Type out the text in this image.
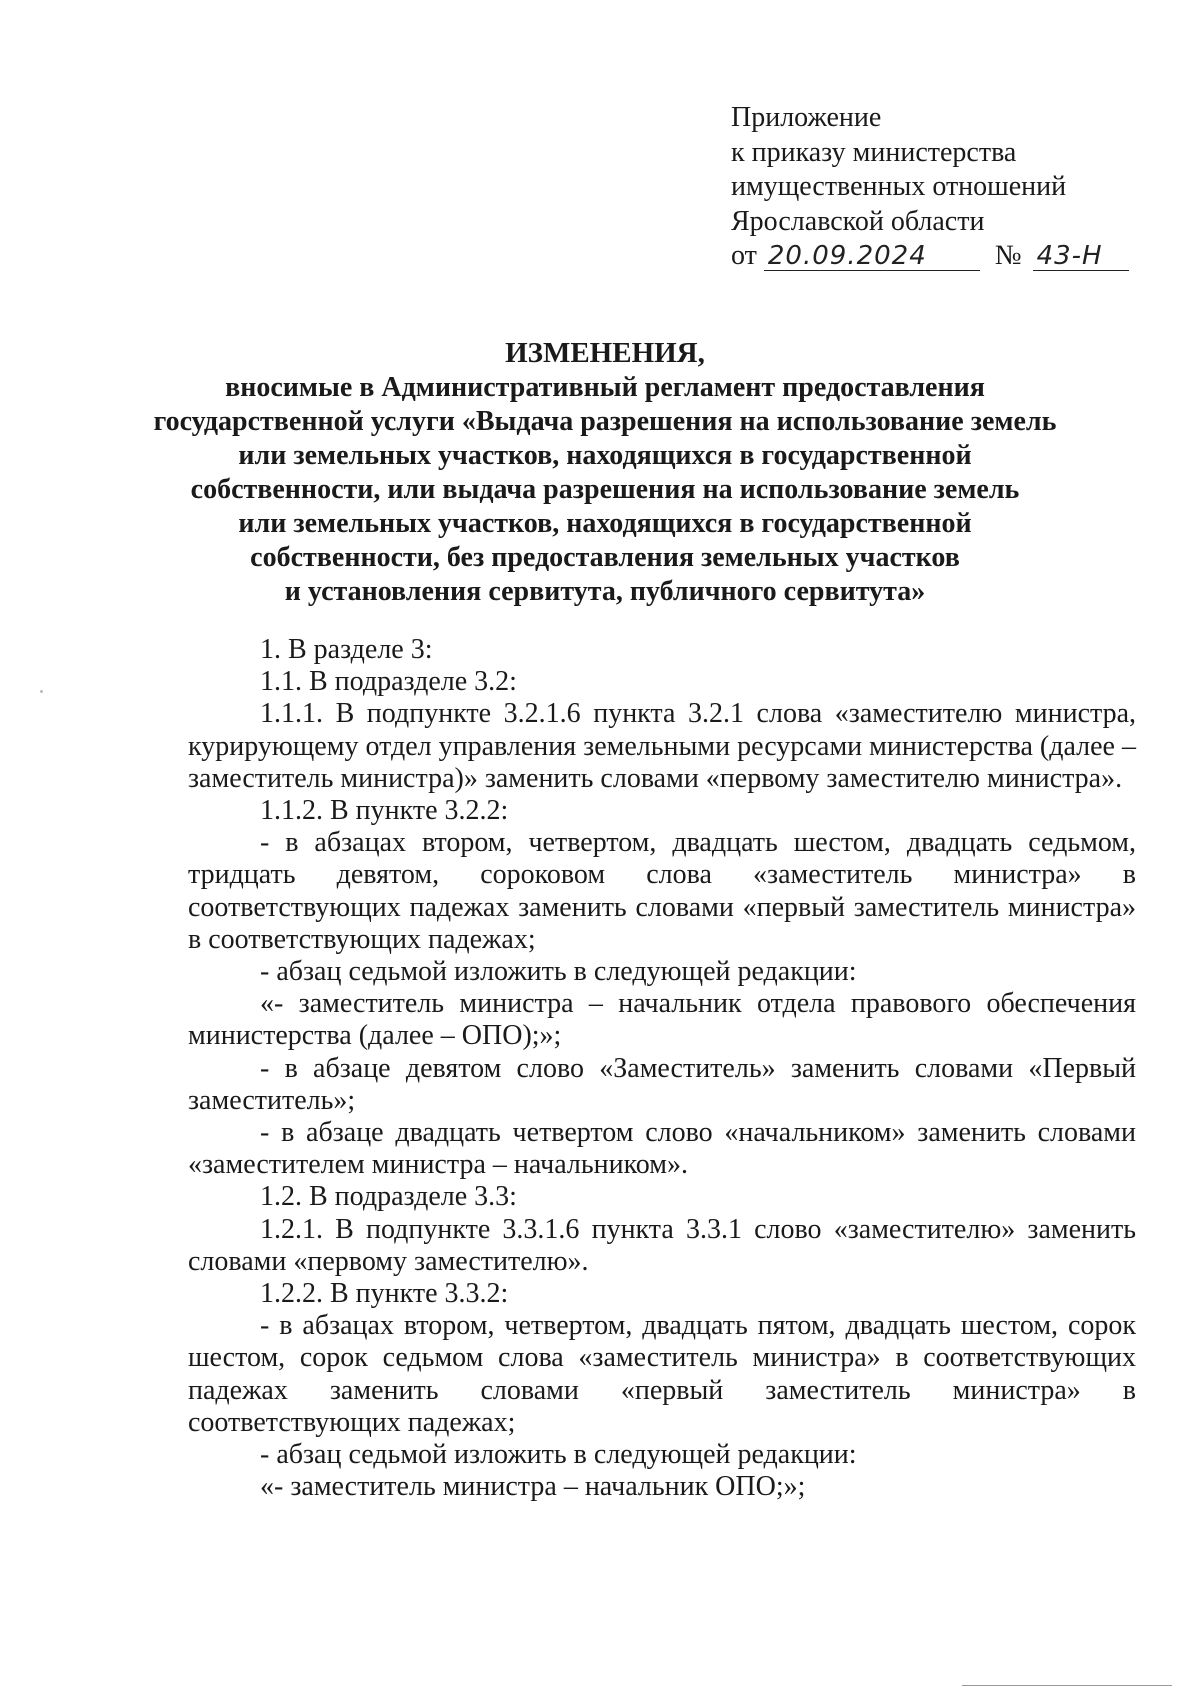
Приложение
к приказу министерства
имущественных отношений
Ярославской области
от 20.09.2024 № 43-Н
ИЗМЕНЕНИЯ,
вносимые в Административный регламент предоставления
государственной услуги «Выдача разрешения на использование земель
или земельных участков, находящихся в государственной
собственности, или выдача разрешения на использование земель
или земельных участков, находящихся в государственной
собственности, без предоставления земельных участков
и установления сервитута, публичного сервитута»

1. В разделе 3:

1.1. В подразделе 3.2:

1.1.1. В подпункте 3.2.1.6 пункта 3.2.1 слова «заместителю министра, курирующему отдел управления земельными ресурсами министерства (далее – заместитель министра)» заменить словами «первому заместителю министра».

1.1.2. В пункте 3.2.2:

- в абзацах втором, четвертом, двадцать шестом, двадцать седьмом, тридцать девятом, сороковом слова «заместитель министра» в соответствующих падежах заменить словами «первый заместитель министра» в соответствующих падежах;

- абзац седьмой изложить в следующей редакции:

«- заместитель министра – начальник отдела правового обеспечения министерства (далее – ОПО);»;

- в абзаце девятом слово «Заместитель» заменить словами «Первый заместитель»;

- в абзаце двадцать четвертом слово «начальником» заменить словами «заместителем министра – начальником».

1.2. В подразделе 3.3:

1.2.1. В подпункте 3.3.1.6 пункта 3.3.1 слово «заместителю» заменить словами «первому заместителю».

1.2.2. В пункте 3.3.2:

- в абзацах втором, четвертом, двадцать пятом, двадцать шестом, сорок шестом, сорок седьмом слова «заместитель министра» в соответствующих падежах заменить словами «первый заместитель министра» в соответствующих падежах;

- абзац седьмой изложить в следующей редакции:

«- заместитель министра – начальник ОПО;»;
